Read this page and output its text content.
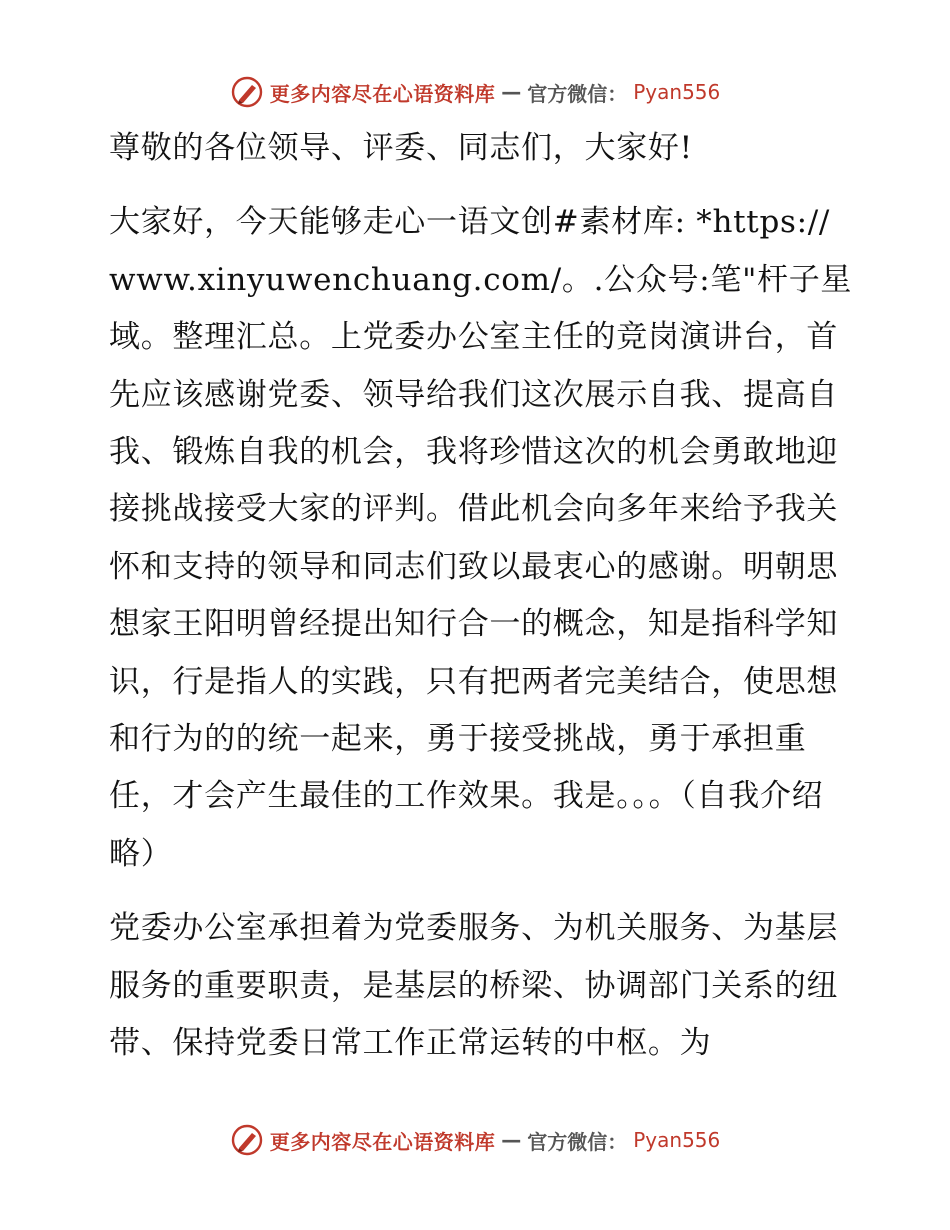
更多内容尽在心语资料库 — 官方微信： Pyan556

尊敬的各位领导、评委、同志们，大家好!

大家好，今天能够走心一语文创#素材库: *https://www.xinyuwenchuang.com/。.公众号:笔"杆子星域。整理汇总。上党委办公室主任的竞岗演讲台，首先应该感谢党委、领导给我们这次展示自我、提高自我、锻炼自我的机会，我将珍惜这次的机会勇敢地迎接挑战接受大家的评判。借此机会向多年来给予我关怀和支持的领导和同志们致以最衷心的感谢。明朝思想家王阳明曾经提出知行合一的概念，知是指科学知识，行是指人的实践，只有把两者完美结合，使思想和行为的的统一起来，勇于接受挑战，勇于承担重任，才会产生最佳的工作效果。我是。。。（自我介绍略）

党委办公室承担着为党委服务、为机关服务、为基层服务的重要职责，是基层的桥梁、协调部门关系的纽带、保持党委日常工作正常运转的中枢。为

更多内容尽在心语资料库 — 官方微信： Pyan556
